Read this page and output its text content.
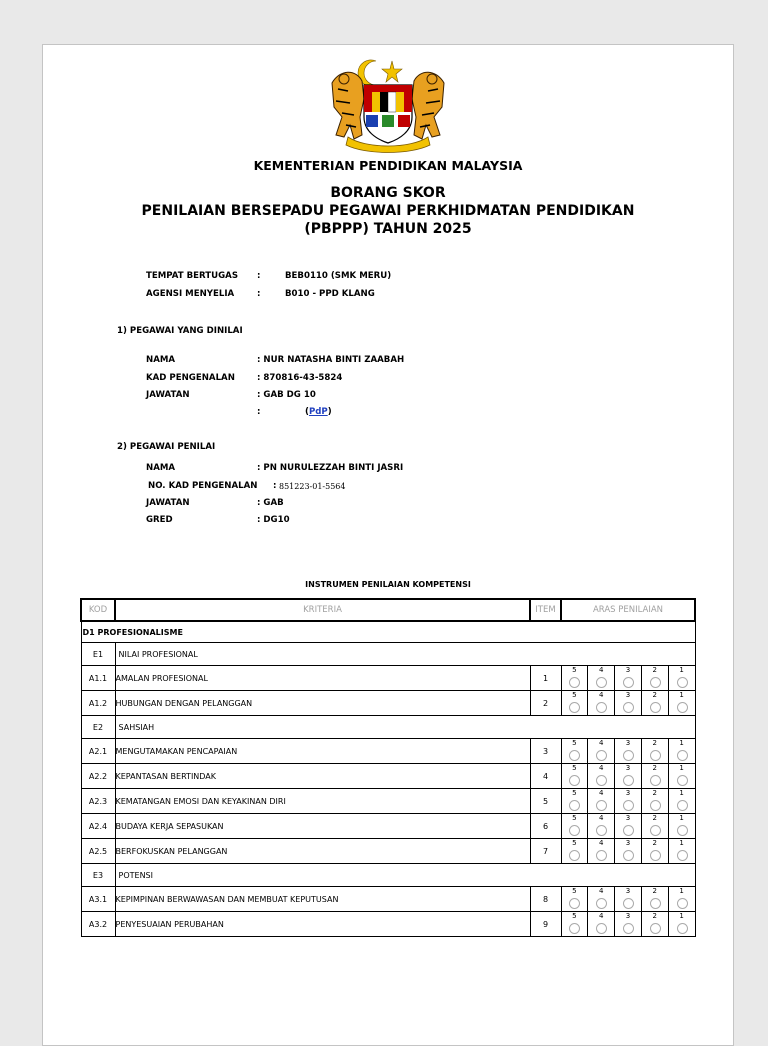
KEMENTERIAN PENDIDIKAN MALAYSIA
BORANG SKOR
PENILAIAN BERSEPADU PEGAWAI PERKHIDMATAN PENDIDIKAN
(PBPPP) TAHUN 2025
TEMPAT BERTUGAS :	BEB0110 (SMK MERU)
AGENSI MENYELIA	:	B010 - PPD KLANG
1) PEGAWAI YANG DINILAI
NAMA	: NUR NATASHA BINTI ZAABAH
KAD PENGENALAN	: 870816-43-5824
JAWATAN	: GAB DG 10
:	(PdP)
2) PEGAWAI PENILAI
NAMA	: PN NURULEZZAH BINTI JASRI
NO. KAD PENGENALAN : 851223-01-5564
JAWATAN	: GAB
GRED	: DG10
INSTRUMEN PENILAIAN KOMPETENSI
KOD	KRITERIA	ITEM	ARAS PENILAIAN
D1 PROFESIONALISME			
E1	NILAI PROFESIONAL		
A1.1	AMALAN PROFESIONAL	1	5 4 3 2 1

A1.2	HUBUNGAN DENGAN PELANGGAN	2	5 4 3 2 1

E2	SAHSIAH		
A2.1	MENGUTAMAKAN PENCAPAIAN	3	5 4 3 2 1

A2.2	KEPANTASAN BERTINDAK	4	5 4 3 2 1

A2.3	KEMATANGAN EMOSI DAN KEYAKINAN DIRI	5	5 4 3 2 1

A2.4	BUDAYA KERJA SEPASUKAN	6	5 4 3 2 1

A2.5	BERFOKUSKAN PELANGGAN	7	5 4 3 2 1

E3	POTENSI		
A3.1	KEPIMPINAN BERWAWASAN DAN MEMBUAT KEPUTUSAN	8	5 4 3 2 1

A3.2	PENYESUAIAN PERUBAHAN	9	5 4 3 2 1
